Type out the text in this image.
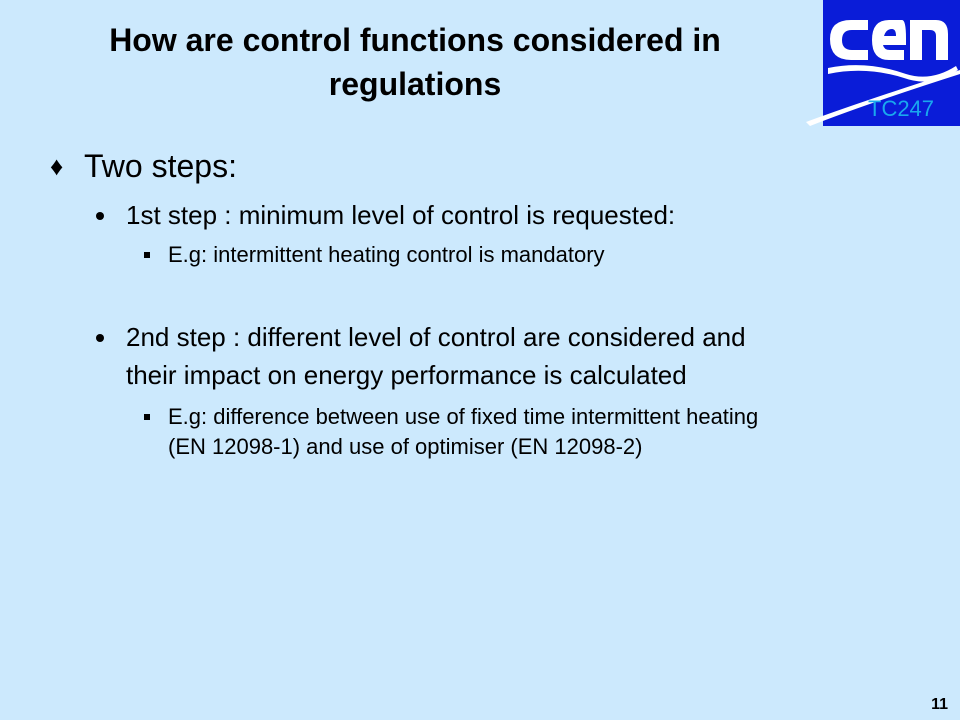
How are control functions considered in
regulations
TC247
♦ Two steps:
1st step : minimum level of control is requested:
E.g: intermittent heating control is mandatory
2nd step : different level of control are considered and
their impact on energy performance is calculated
E.g: difference between use of fixed time intermittent heating
(EN 12098-1) and use of optimiser (EN 12098-2)
11
